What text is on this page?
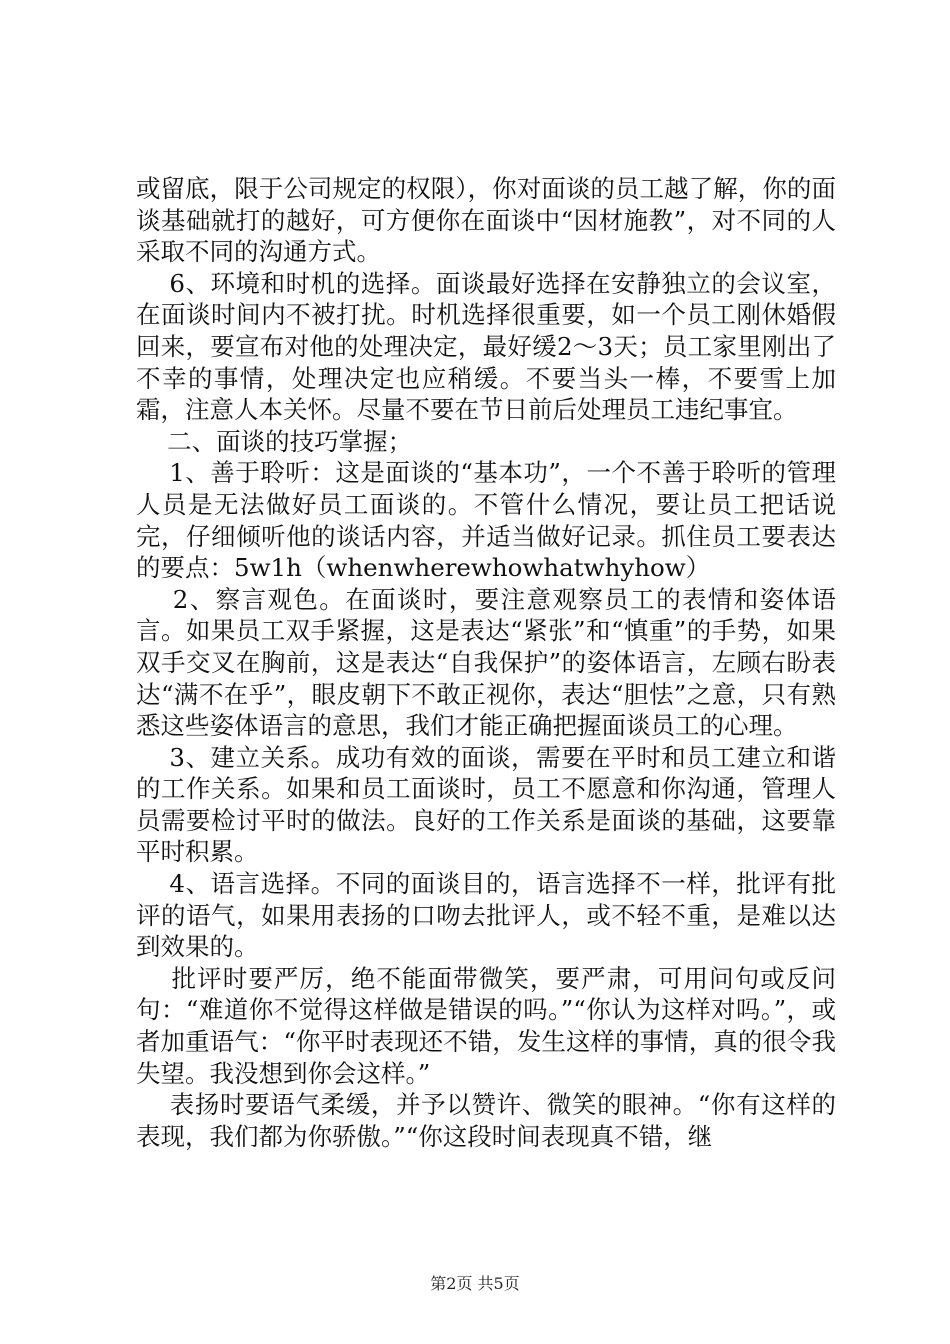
或留底，限于公司规定的权限），你对面谈的员工越了解，你的面谈基础就打的越好，可方便你在面谈中“因材施教”，对不同的人采取不同的沟通方式。

6、环境和时机的选择。面谈最好选择在安静独立的会议室，在面谈时间内不被打扰。时机选择很重要，如一个员工刚休婚假回来，要宣布对他的处理决定，最好缓2～3天；员工家里刚出了不幸的事情，处理决定也应稍缓。不要当头一棒，不要雪上加霜，注意人本关怀。尽量不要在节日前后处理员工违纪事宜。

二、面谈的技巧掌握；

1、善于聆听：这是面谈的“基本功”，一个不善于聆听的管理人员是无法做好员工面谈的。不管什么情况，要让员工把话说完，仔细倾听他的谈话内容，并适当做好记录。抓住员工要表达的要点：5w1h（whenwherewhowhatwhyhow）

2、察言观色。在面谈时，要注意观察员工的表情和姿体语言。如果员工双手紧握，这是表达“紧张”和“慎重”的手势，如果双手交叉在胸前，这是表达“自我保护”的姿体语言，左顾右盼表达“满不在乎”，眼皮朝下不敢正视你，表达“胆怯”之意，只有熟悉这些姿体语言的意思，我们才能正确把握面谈员工的心理。

3、建立关系。成功有效的面谈，需要在平时和员工建立和谐的工作关系。如果和员工面谈时，员工不愿意和你沟通，管理人员需要检讨平时的做法。良好的工作关系是面谈的基础，这要靠平时积累。

4、语言选择。不同的面谈目的，语言选择不一样，批评有批评的语气，如果用表扬的口吻去批评人，或不轻不重，是难以达到效果的。

批评时要严厉，绝不能面带微笑，要严肃，可用问句或反问句：“难道你不觉得这样做是错误的吗。”“你认为这样对吗。”，或者加重语气：“你平时表现还不错，发生这样的事情，真的很令我失望。我没想到你会这样。”

表扬时要语气柔缓，并予以赞许、微笑的眼神。“你有这样的表现，我们都为你骄傲。”“你这段时间表现真不错，继

第2页 共5页
